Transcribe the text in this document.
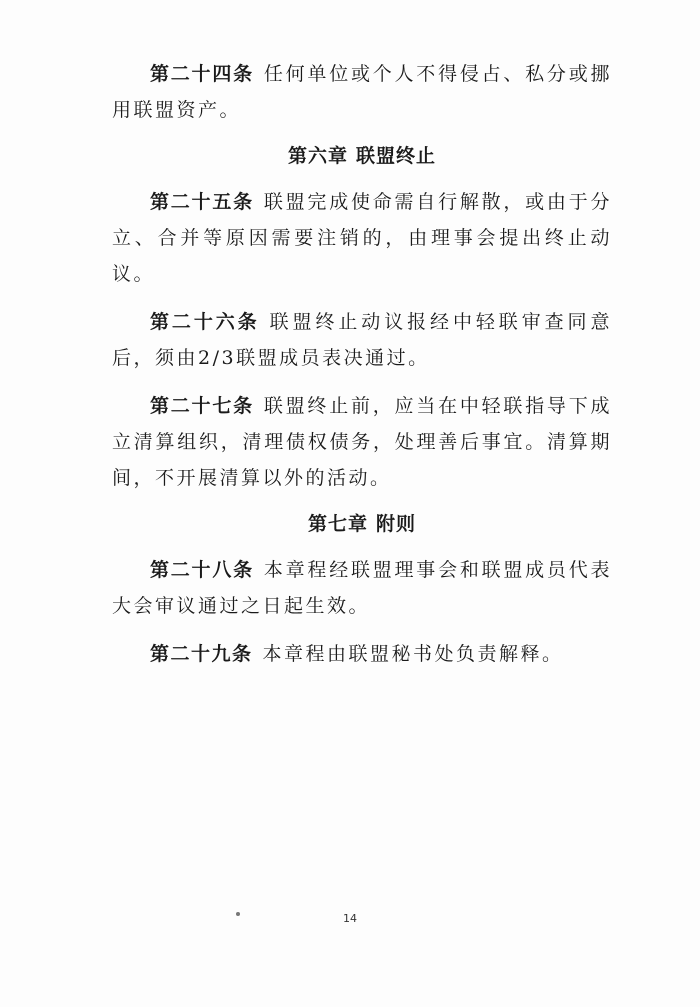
第二十四条 任何单位或个人不得侵占、私分或挪用联盟资产。

第六章 联盟终止

第二十五条 联盟完成使命需自行解散，或由于分立、合并等原因需要注销的，由理事会提出终止动议。

第二十六条 联盟终止动议报经中轻联审查同意后，须由2/3联盟成员表决通过。

第二十七条 联盟终止前，应当在中轻联指导下成立清算组织，清理债权债务，处理善后事宜。清算期间，不开展清算以外的活动。

第七章 附则

第二十八条 本章程经联盟理事会和联盟成员代表大会审议通过之日起生效。

第二十九条 本章程由联盟秘书处负责解释。

14
